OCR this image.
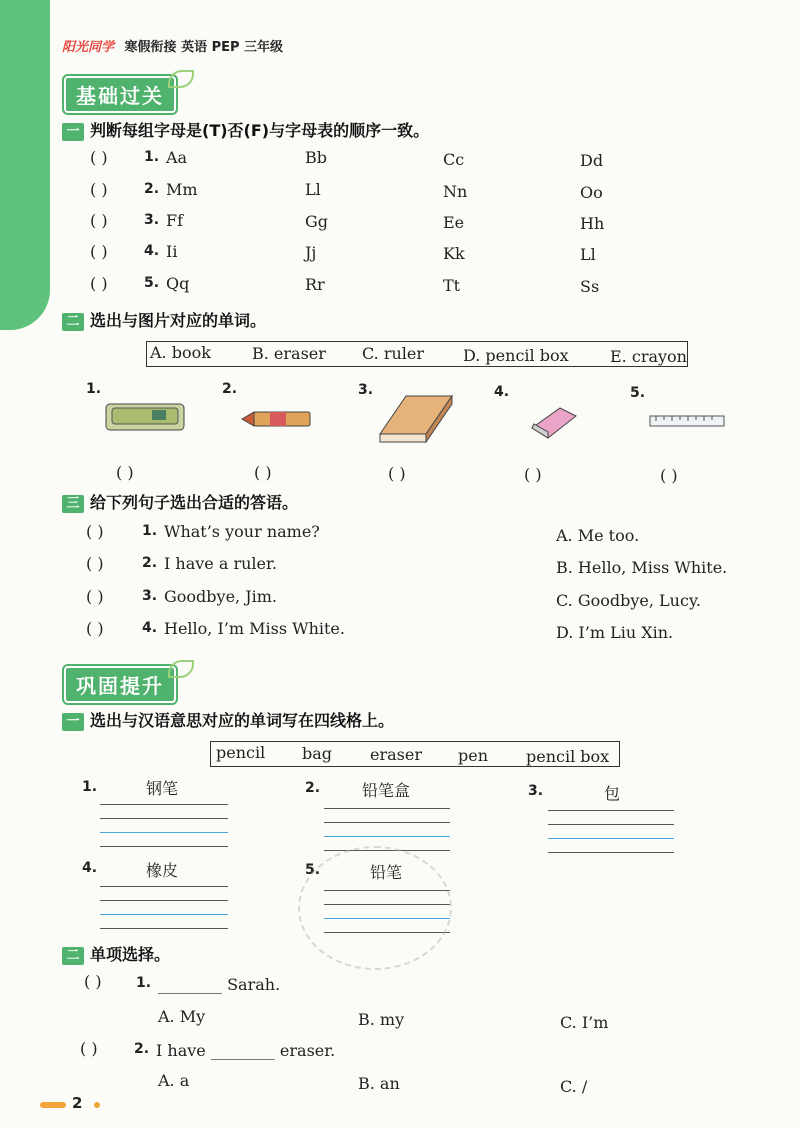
阳光同学 寒假衔接 英语 PEP 三年级
基础过关
一 判断每组字母是(T)否(F)与字母表的顺序一致。
( )	1. Aa	Bb	Cc	Dd
( )	2. Mm	Ll	Nn	Oo
( )	3. Ff	Gg	Ee	Hh
( )	4. Ii	Jj	Kk	Ll
( )	5. Qq	Rr	Tt	Ss
二 选出与图片对应的单词。
A. book	B. eraser C. ruler D. pencil box	E. crayon
1.	2.	3.	4.	5.
( )	( )	( )	( )	( )
三 给下列句子选出合适的答语。
( )	1. What’s your name?
( )	2. I have a ruler.
( )	3. Goodbye, Jim.
( )	4. Hello, I’m Miss White.
A. Me too.
B. Hello, Miss White.
C. Goodbye, Lucy.
D. I’m Liu Xin.
巩固提升
一 选出与汉语意思对应的单词写在四线格上。
pencil bag eraser pen pencil box
1.	钢笔	2.	铅笔盒	3.	包
4.	橡皮	5.	铅笔
二 单项选择。
( ) 1. ________ Sarah.
A. My	B. my	C. I’m
( )	2. I have ________ eraser.
A. a	B. an	C. /
2
